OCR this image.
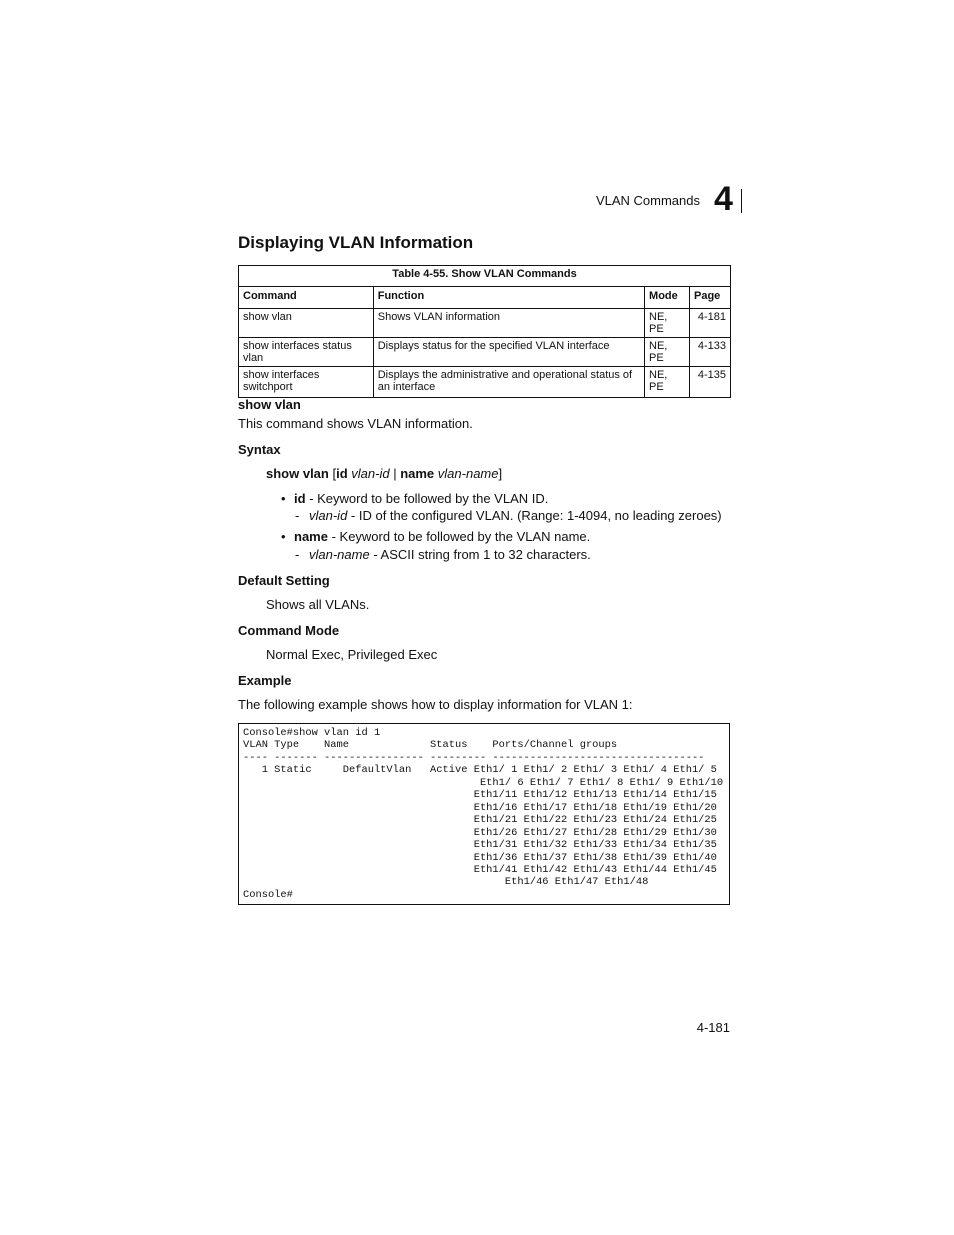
VLAN Commands 4
Displaying VLAN Information
Table 4-55. Show VLAN Commands			
Command	Function	Mode	Page
show vlan	Shows VLAN information	NE, PE	4-181
show interfaces status vlan	Displays status for the specified VLAN interface	NE, PE	4-133
show interfaces switchport	Displays the administrative and operational status of an interface	NE, PE	4-135
show vlan
This command shows VLAN information.
Syntax
show vlan [id vlan-id | name vlan-name]
• id - Keyword to be followed by the VLAN ID.
- vlan-id - ID of the configured VLAN. (Range: 1-4094, no leading zeroes)
• name - Keyword to be followed by the VLAN name.
- vlan-name - ASCII string from 1 to 32 characters.
Default Setting
Shows all VLANs.
Command Mode
Normal Exec, Privileged Exec
Example
The following example shows how to display information for VLAN 1:
Console#show vlan id 1
VLAN Type    Name             Status    Ports/Channel groups
---- ------- ---------------- --------- ----------------------------------
1 Static     DefaultVlan   Active Eth1/ 1 Eth1/ 2 Eth1/ 3 Eth1/ 4 Eth1/ 5
Eth1/ 6 Eth1/ 7 Eth1/ 8 Eth1/ 9 Eth1/10
Eth1/11 Eth1/12 Eth1/13 Eth1/14 Eth1/15
Eth1/16 Eth1/17 Eth1/18 Eth1/19 Eth1/20
Eth1/21 Eth1/22 Eth1/23 Eth1/24 Eth1/25
Eth1/26 Eth1/27 Eth1/28 Eth1/29 Eth1/30
Eth1/31 Eth1/32 Eth1/33 Eth1/34 Eth1/35
Eth1/36 Eth1/37 Eth1/38 Eth1/39 Eth1/40
Eth1/41 Eth1/42 Eth1/43 Eth1/44 Eth1/45
Eth1/46 Eth1/47 Eth1/48
Console#
4-181
